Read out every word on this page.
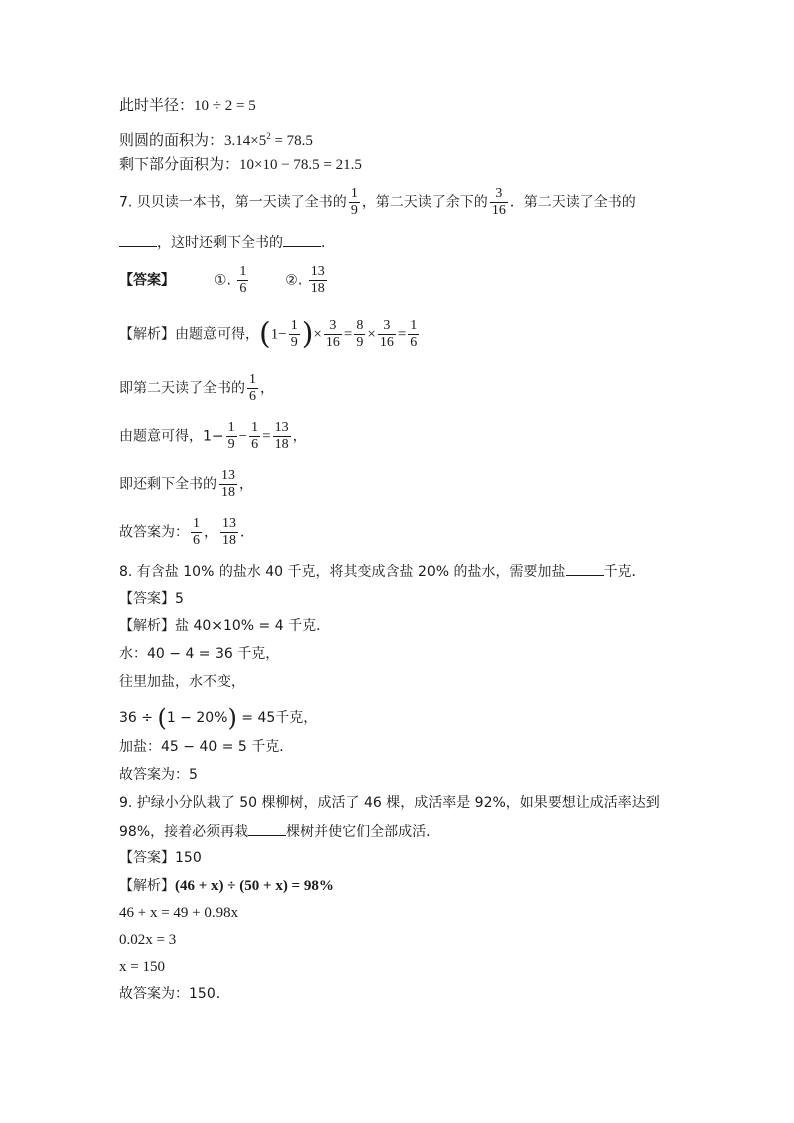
此时半径：10 ÷ 2 = 5
则圆的面积为：$3.14\times 5^2 = 78.5$
剩下部分面积为：10×10 − 78.5 = 21.5
7. 贝贝读一本书，第一天读了全书的 $\frac{1}{9}$ ，第二天读了余下的 $\frac{3}{16}$ ．第二天读了全书的
，这时还剩下全书的	．
【答案】	①. $\frac{1}{6}$	②. $\frac{13}{18}$
【解析】由题意可得，($1- \frac{1}{9}$ )× $\frac{3}{16} = \frac{8}{9} \times \frac{3}{16} = \frac{1}{6}$
即第二天读了全书的 $\frac{1}{6}$ ，
由题意可得，$1- \frac{1}{9} - \frac{1}{6} = \frac{13}{18}$ ，
即还剩下全书的 $\frac{13}{18}$ ，
故答案为： $\frac{1}{6}$ ， $\frac{13}{18}$ ．
8. 有含盐 10% 的盐水 40 千克，将其变成含盐 20% 的盐水，需要加盐	千克．
【答案】5
【解析】盐 40×10% = 4 千克．
水：40 − 4 = 36 千克，
往里加盐，水不变，
36 ÷ (1 − 20%) = 45千克，
加盐：45 − 40 = 5 千克．
故答案为：5
9. 护绿小分队栽了 50 棵柳树，成活了 46 棵，成活率是 92%，如果要想让成活率达到
98%，接着必须再栽	棵树并使它们全部成活．
【答案】150
【解析】(46 + x) ÷ (50 + x) = 98%
46 + x = 49 + 0.98x
0.02x = 3
x = 150
故答案为：150．
